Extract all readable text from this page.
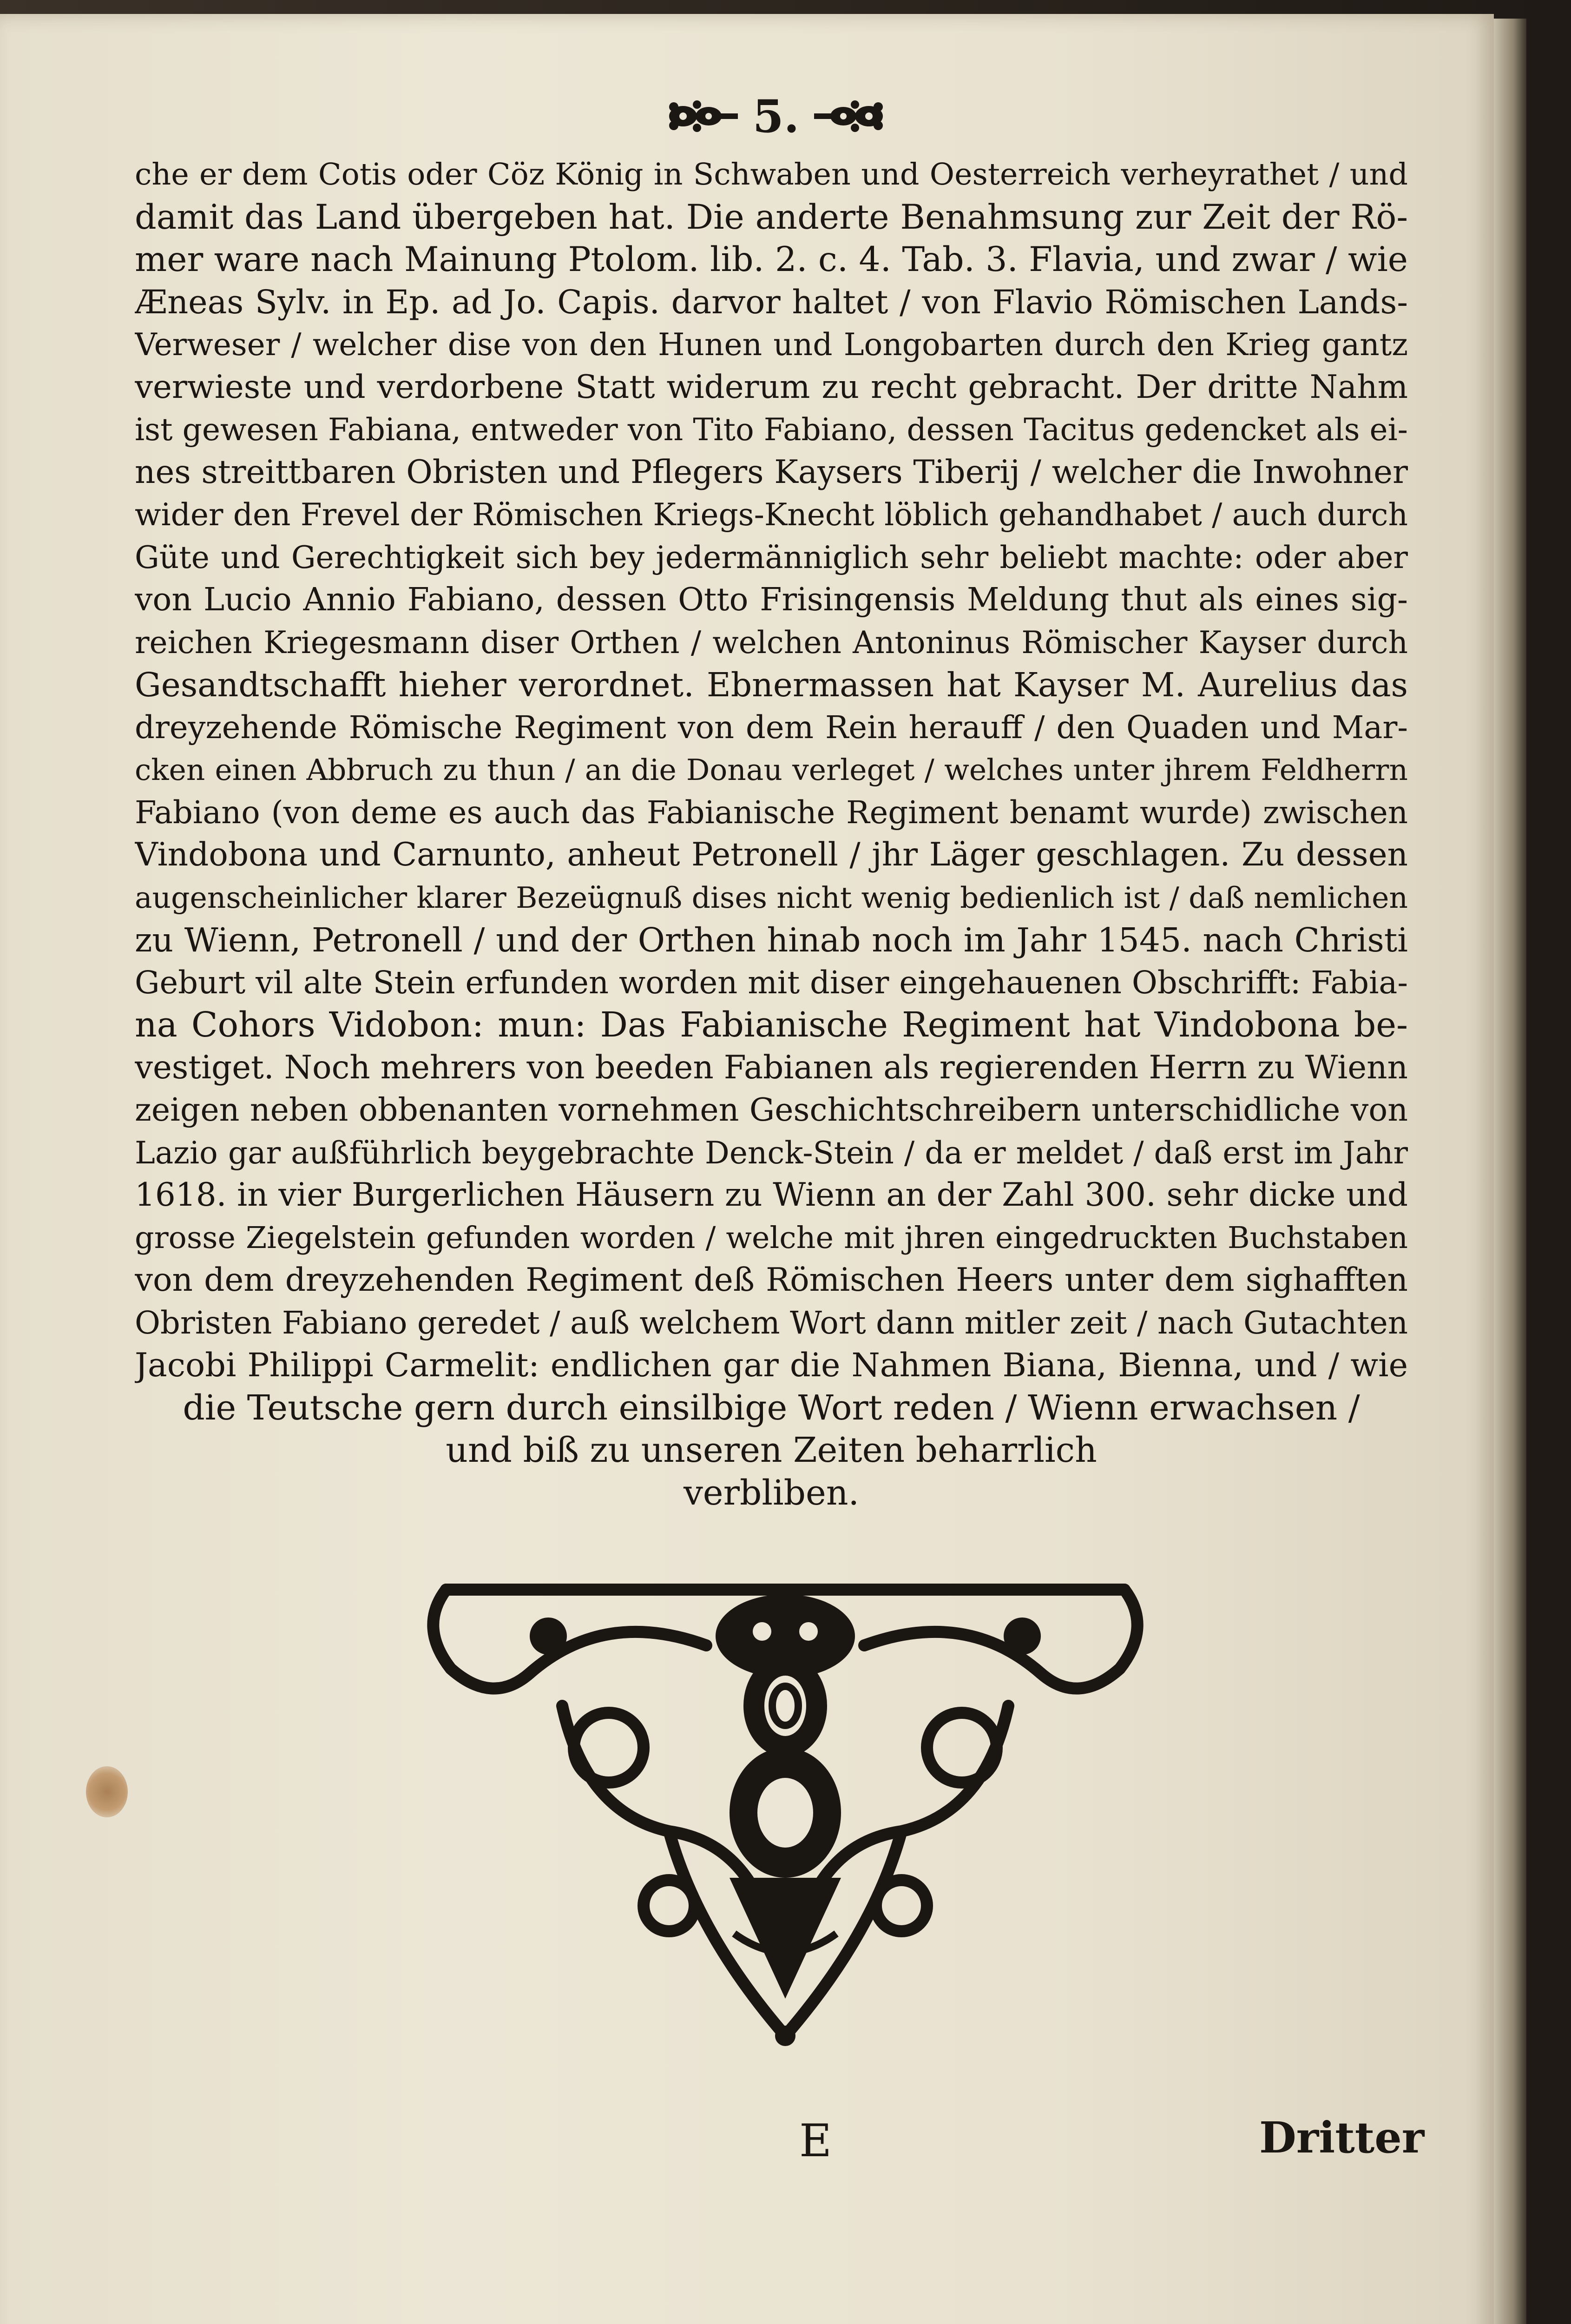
5.
che er dem Cotis oder Cöz König in Schwaben und Oesterreich verheyrathet / und
damit das Land übergeben hat. Die anderte Benahmsung zur Zeit der Rö-
mer ware nach Mainung Ptolom. lib. 2. c. 4. Tab. 3. Flavia, und zwar / wie
Æneas Sylv. in Ep. ad Jo. Capis. darvor haltet / von Flavio Römischen Lands-
Verweser / welcher dise von den Hunen und Longobarten durch den Krieg gantz
verwieste und verdorbene Statt widerum zu recht gebracht. Der dritte Nahm
ist gewesen Fabiana, entweder von Tito Fabiano, dessen Tacitus gedencket als ei-
nes streittbaren Obristen und Pflegers Kaysers Tiberij / welcher die Inwohner
wider den Frevel der Römischen Kriegs-Knecht löblich gehandhabet / auch durch
Güte und Gerechtigkeit sich bey jedermänniglich sehr beliebt machte: oder aber
von Lucio Annio Fabiano, dessen Otto Frisingensis Meldung thut als eines sig-
reichen Kriegesmann diser Orthen / welchen Antoninus Römischer Kayser durch
Gesandtschafft hieher verordnet. Ebnermassen hat Kayser M. Aurelius das
dreyzehende Römische Regiment von dem Rein herauff / den Quaden und Mar-
cken einen Abbruch zu thun / an die Donau verleget / welches unter jhrem Feldherrn
Fabiano (von deme es auch das Fabianische Regiment benamt wurde) zwischen
Vindobona und Carnunto, anheut Petronell / jhr Läger geschlagen. Zu dessen
augenscheinlicher klarer Bezeügnuß dises nicht wenig bedienlich ist / daß nemlichen
zu Wienn, Petronell / und der Orthen hinab noch im Jahr 1545. nach Christi
Geburt vil alte Stein erfunden worden mit diser eingehauenen Obschrifft: Fabia-
na Cohors Vidobon: mun: Das Fabianische Regiment hat Vindobona be-
vestiget. Noch mehrers von beeden Fabianen als regierenden Herrn zu Wienn
zeigen neben obbenanten vornehmen Geschichtschreibern unterschidliche von
Lazio gar außführlich beygebrachte Denck-Stein / da er meldet / daß erst im Jahr
1618. in vier Burgerlichen Häusern zu Wienn an der Zahl 300. sehr dicke und
grosse Ziegelstein gefunden worden / welche mit jhren eingedruckten Buchstaben
von dem dreyzehenden Regiment deß Römischen Heers unter dem sighafften
Obristen Fabiano geredet / auß welchem Wort dann mitler zeit / nach Gutachten
Jacobi Philippi Carmelit: endlichen gar die Nahmen Biana, Bienna, und / wie
die Teutsche gern durch einsilbige Wort reden / Wienn erwachsen /
und biß zu unseren Zeiten beharrlich
verbliben.
E	Dritter
